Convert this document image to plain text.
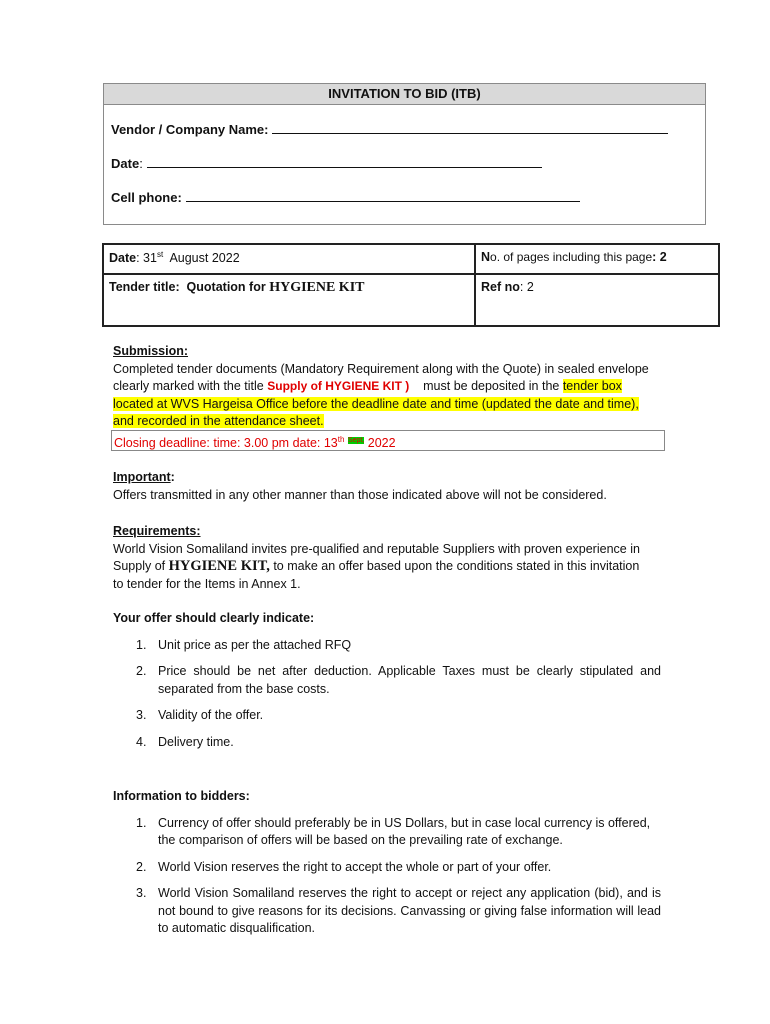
INVITATION TO BID (ITB)
Vendor / Company Name:
Date:
Cell phone:
Date: 31st  August 2022	No. of pages including this page: 2
Tender title:  Quotation for HYGIENE KIT	Ref no: 2
Submission:
Completed tender documents (Mandatory Requirement along with the Quote) in sealed envelope
clearly marked with the title Supply of HYGIENE KIT )    must be deposited in the tender box
located at WVS Hargeisa Office before the deadline date and time (updated the date and time),
and recorded in the attendance sheet.
Closing deadline: time: 3.00 pm date: 13th $^{Sept,}$ 2022
Important:
Offers transmitted in any other manner than those indicated above will not be considered.
Requirements:
World Vision Somaliland invites pre-qualified and reputable Suppliers with proven experience in
Supply of HYGIENE KIT, to make an offer based upon the conditions stated in this invitation
to tender for the Items in Annex 1.
Your offer should clearly indicate:
1. Unit price as per the attached RFQ
2. Price should be net after deduction. Applicable Taxes must be clearly stipulated and separated from the base costs.
3. Validity of the offer.
4. Delivery time.
Information to bidders:
1. Currency of offer should preferably be in US Dollars, but in case local currency is offered, the comparison of offers will be based on the prevailing rate of exchange.
2. World Vision reserves the right to accept the whole or part of your offer.
3. World Vision Somaliland reserves the right to accept or reject any application (bid), and is not bound to give reasons for its decisions. Canvassing or giving false information will lead to automatic disqualification.
